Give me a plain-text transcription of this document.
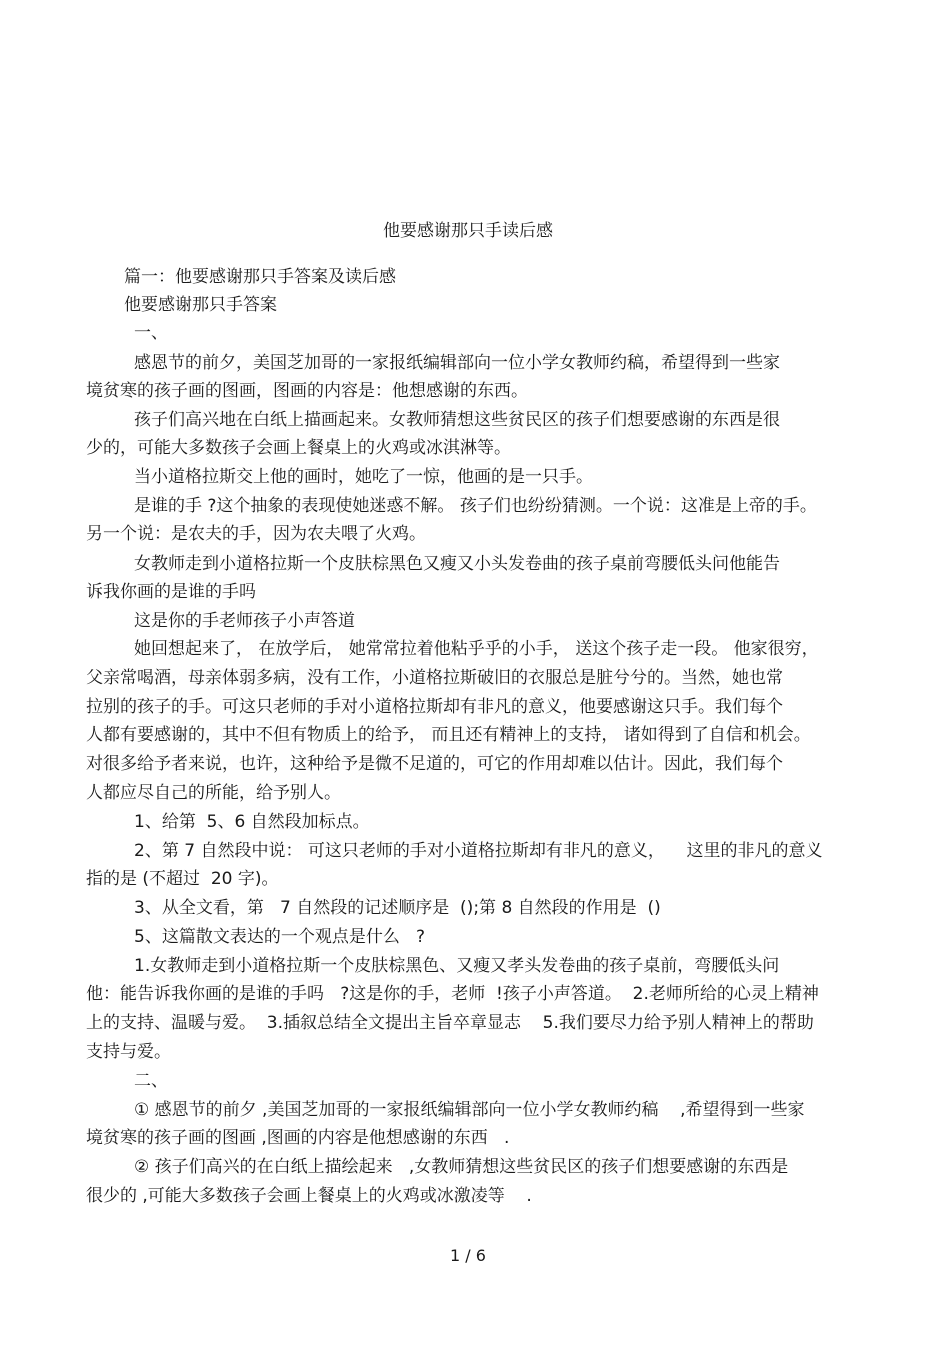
他要感谢那只手读后感
篇一：他要感谢那只手答案及读后感
他要感谢那只手答案
一、
感恩节的前夕，美国芝加哥的一家报纸编辑部向一位小学女教师约稿，希望得到一些家
境贫寒的孩子画的图画，图画的内容是：他想感谢的东西。
孩子们高兴地在白纸上描画起来。女教师猜想这些贫民区的孩子们想要感谢的东西是很
少的，可能大多数孩子会画上餐桌上的火鸡或冰淇淋等。
当小道格拉斯交上他的画时，她吃了一惊，他画的是一只手。
是谁的手 ?这个抽象的表现使她迷惑不解。 孩子们也纷纷猜测。一个说：这准是上帝的手。
另一个说：是农夫的手，因为农夫喂了火鸡。
女教师走到小道格拉斯一个皮肤棕黑色又瘦又小头发卷曲的孩子桌前弯腰低头问他能告
诉我你画的是谁的手吗
这是你的手老师孩子小声答道
她回想起来了， 在放学后， 她常常拉着他粘乎乎的小手， 送这个孩子走一段。 他家很穷，
父亲常喝酒，母亲体弱多病，没有工作，小道格拉斯破旧的衣服总是脏兮兮的。当然，她也常
拉别的孩子的手。可这只老师的手对小道格拉斯却有非凡的意义，他要感谢这只手。我们每个
人都有要感谢的，其中不但有物质上的给予， 而且还有精神上的支持， 诸如得到了自信和机会。
对很多给予者来说，也许，这种给予是微不足道的，可它的作用却难以估计。因此，我们每个
人都应尽自己的所能，给予别人。
1、给第  5、6 自然段加标点。
2、第 7 自然段中说： 可这只老师的手对小道格拉斯却有非凡的意义，    这里的非凡的意义
指的是 (不超过  20 字)。
3、从全文看，第   7 自然段的记述顺序是  ();第 8 自然段的作用是  ()
5、这篇散文表达的一个观点是什么   ?
1.女教师走到小道格拉斯一个皮肤棕黑色、又瘦又孝头发卷曲的孩子桌前，弯腰低头问
他：能告诉我你画的是谁的手吗   ?这是你的手，老师  !孩子小声答道。  2.老师所给的心灵上精神
上的支持、温暖与爱。  3.插叙总结全文提出主旨卒章显志    5.我们要尽力给予别人精神上的帮助
支持与爱。
二、
① 感恩节的前夕 ,美国芝加哥的一家报纸编辑部向一位小学女教师约稿    ,希望得到一些家
境贫寒的孩子画的图画 ,图画的内容是他想感谢的东西   .
② 孩子们高兴的在白纸上描绘起来   ,女教师猜想这些贫民区的孩子们想要感谢的东西是
很少的 ,可能大多数孩子会画上餐桌上的火鸡或冰激凌等    .
1 / 6
